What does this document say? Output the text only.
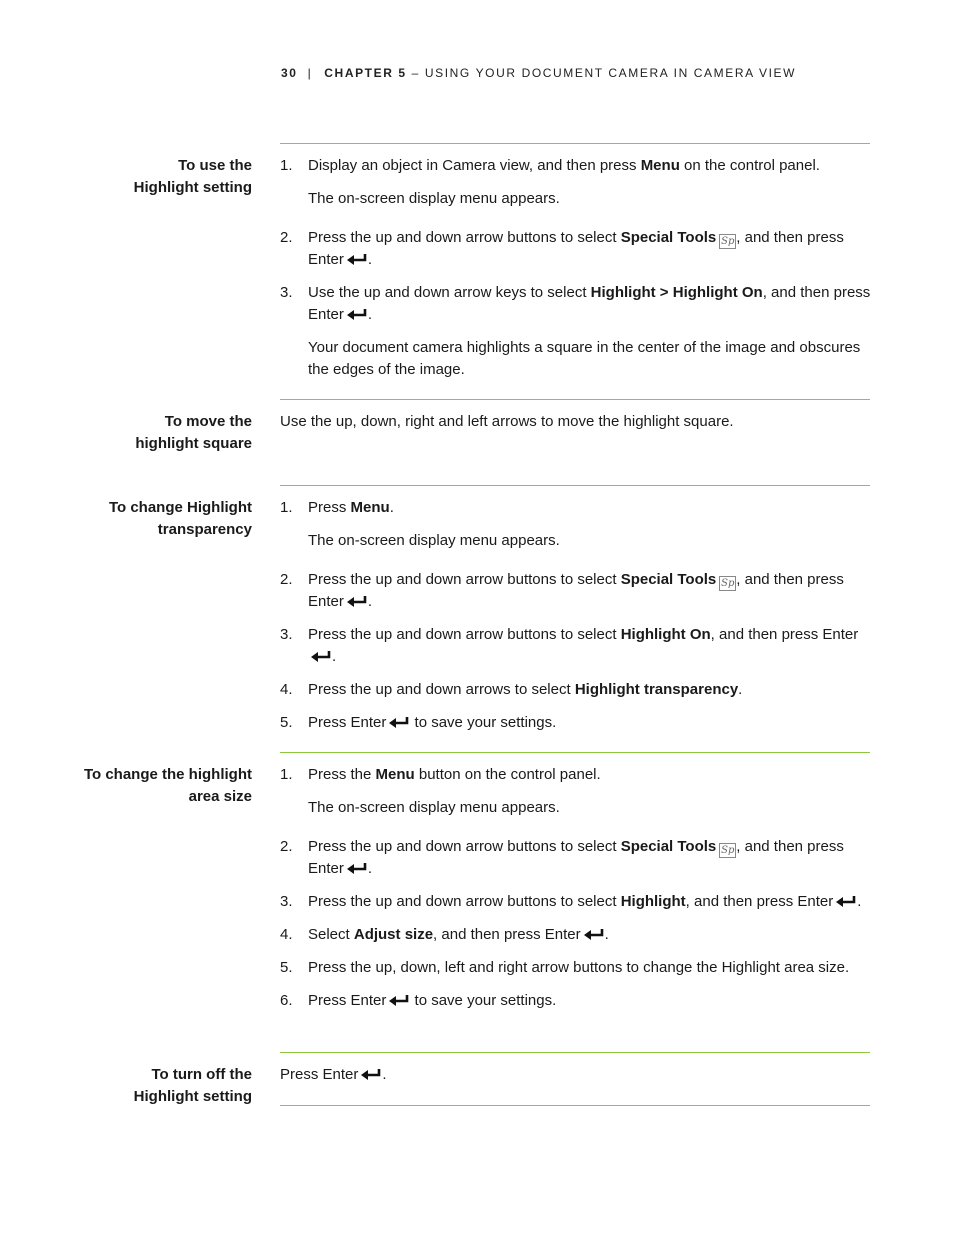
30 | CHAPTER 5 – USING YOUR DOCUMENT CAMERA IN CAMERA VIEW
To use the
Highlight setting
1. Display an object in Camera view, and then press Menu on the control panel.
The on-screen display menu appears.
2. Press the up and down arrow buttons to select Special Tools Sp , and then press Enter .
3. Use the up and down arrow keys to select Highlight > Highlight On, and then press Enter .
Your document camera highlights a square in the center of the image and obscures the edges of the image.
To move the
highlight square
Use the up, down, right and left arrows to move the highlight square.
To change Highlight
transparency
1. Press Menu.
The on-screen display menu appears.
2. Press the up and down arrow buttons to select Special Tools Sp , and then press Enter .
3. Press the up and down arrow buttons to select Highlight On, and then press Enter
.
4. Press the up and down arrows to select Highlight transparency.
5. Press Enter
to save your settings.
To change the highlight
area size
1. Press the Menu button on the control panel.
The on-screen display menu appears.
2. Press the up and down arrow buttons to select Special Tools Sp , and then press Enter .
3. Press the up and down arrow buttons to select Highlight, and then press Enter .
4. Select Adjust size, and then press Enter .
5. Press the up, down, left and right arrow buttons to change the Highlight area size.
6. Press Enter
to save your settings.
To turn off the
Highlight setting
Press Enter .
